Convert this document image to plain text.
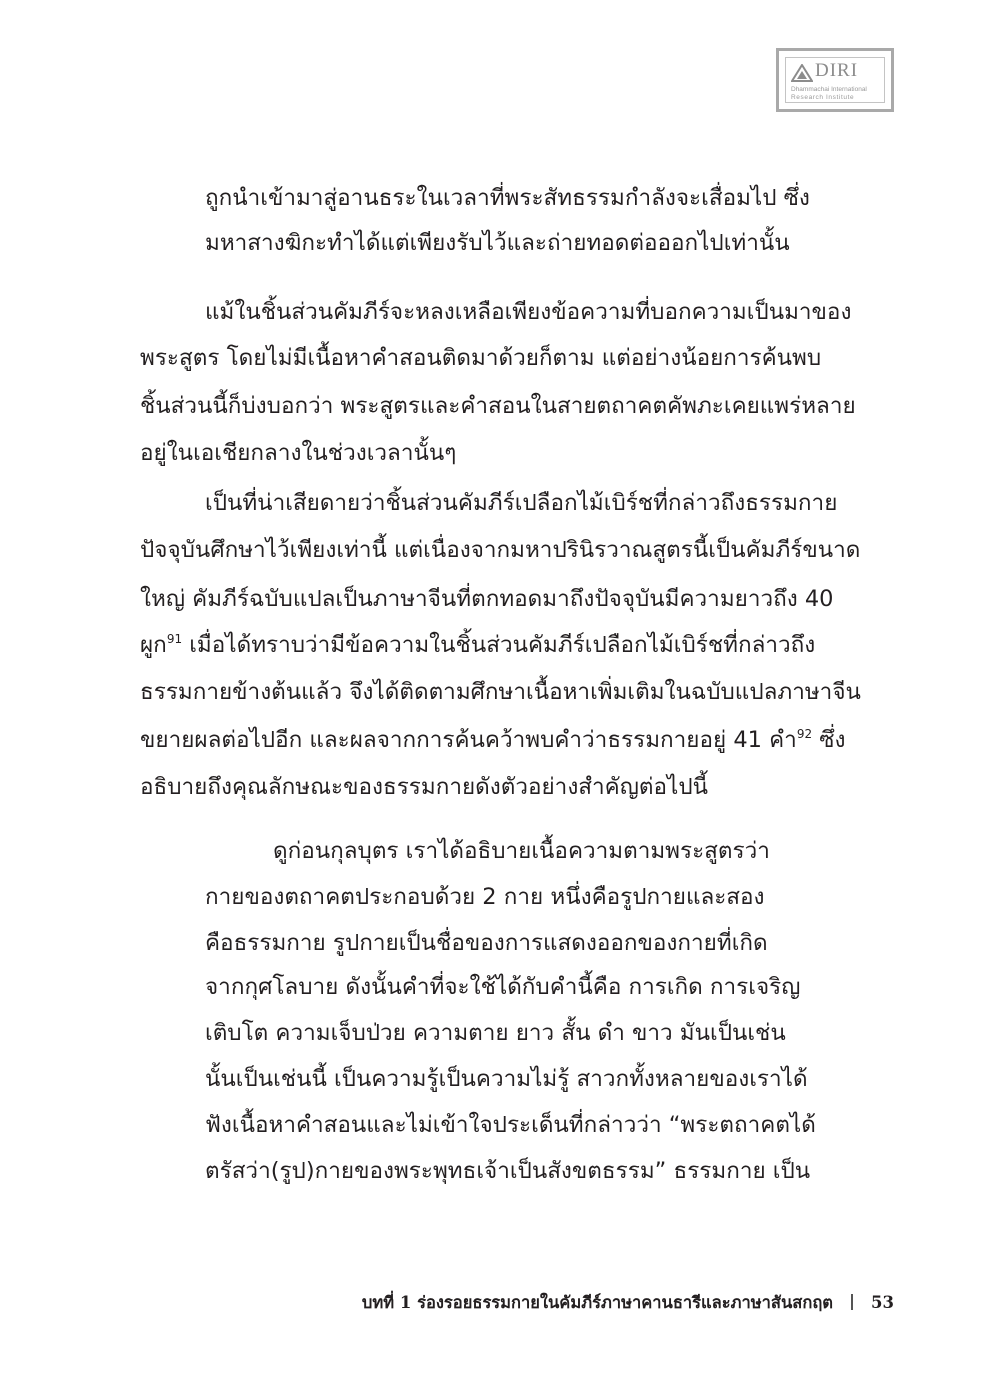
DIRI
Dhammachai International
Research Institute

ถูกนำเข้ามาสู่อานธระในเวลาที่พระสัทธรรมกำลังจะเสื่อมไป ซึ่ง

มหาสางฆิกะทำได้แต่เพียงรับไว้และถ่ายทอดต่อออกไปเท่านั้น

แม้ในชิ้นส่วนคัมภีร์จะหลงเหลือเพียงข้อความที่บอกความเป็นมาของ

พระสูตร โดยไม่มีเนื้อหาคำสอนติดมาด้วยก็ตาม แต่อย่างน้อยการค้นพบ

ชิ้นส่วนนี้ก็บ่งบอกว่า พระสูตรและคำสอนในสายตถาคตคัพภะเคยแพร่หลาย

อยู่ในเอเชียกลางในช่วงเวลานั้นๆ

เป็นที่น่าเสียดายว่าชิ้นส่วนคัมภีร์เปลือกไม้เบิร์ชที่กล่าวถึงธรรมกาย

ปัจจุบันศึกษาไว้เพียงเท่านี้ แต่เนื่องจากมหาปรินิรวาณสูตรนี้เป็นคัมภีร์ขนาด

ใหญ่ คัมภีร์ฉบับแปลเป็นภาษาจีนที่ตกทอดมาถึงปัจจุบันมีความยาวถึง 40

ผูก$^{91}$ เมื่อได้ทราบว่ามีข้อความในชิ้นส่วนคัมภีร์เปลือกไม้เบิร์ชที่กล่าวถึง

ธรรมกายข้างต้นแล้ว จึงได้ติดตามศึกษาเนื้อหาเพิ่มเติมในฉบับแปลภาษาจีน

ขยายผลต่อไปอีก และผลจากการค้นคว้าพบคำว่าธรรมกายอยู่ 41 คำ$^{92}$ ซึ่ง

อธิบายถึงคุณลักษณะของธรรมกายดังตัวอย่างสำคัญต่อไปนี้

ดูก่อนกุลบุตร เราได้อธิบายเนื้อความตามพระสูตรว่า

กายของตถาคตประกอบด้วย 2 กาย หนึ่งคือรูปกายและสอง

คือธรรมกาย รูปกายเป็นชื่อของการแสดงออกของกายที่เกิด

จากกุศโลบาย ดังนั้นคำที่จะใช้ได้กับคำนี้คือ การเกิด การเจริญ

เติบโต ความเจ็บป่วย ความตาย ยาว สั้น ดำ ขาว มันเป็นเช่น

นั้นเป็นเช่นนี้ เป็นความรู้เป็นความไม่รู้ สาวกทั้งหลายของเราได้

ฟังเนื้อหาคำสอนและไม่เข้าใจประเด็นที่กล่าวว่า “พระตถาคตได้

ตรัสว่า(รูป)กายของพระพุทธเจ้าเป็นสังขตธรรม” ธรรมกาย เป็น

บทที่ 1 ร่องรอยธรรมกายในคัมภีร์ภาษาคานธารีและภาษาสันสกฤต 53
